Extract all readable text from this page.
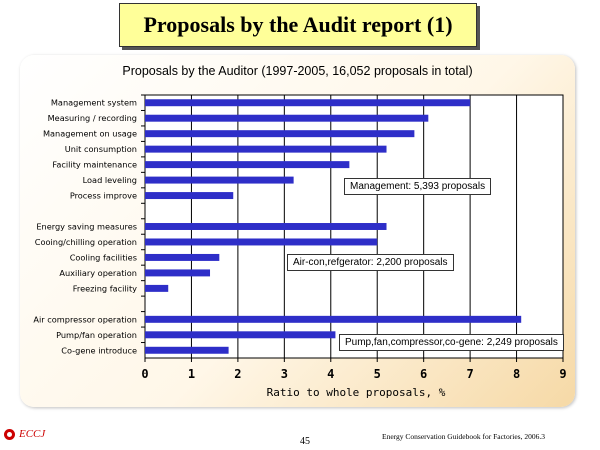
Proposals by the Audit report (1)
Proposals by the Auditor (1997-2005, 16,052 proposals in total)
Management system
Measuring / recording
Management on usage
Unit consumption
Facility maintenance
Load leveling
Process improve
Energy saving measures
Cooing/chilling operation
Cooling facilities
Auxiliary operation
Freezing facility
Air compressor operation
Pump/fan operation
Co-gene introduce
0	1	2	3	4	5	6	7	8	9
Ratio to whole proposals, %
Management: 5,393 proposals
Air-con,refgerator: 2,200 proposals
Pump,fan,compressor,co-gene: 2,249 proposals
ECCJ
45	Energy Conservation Guidebook for Factories, 2006.3
